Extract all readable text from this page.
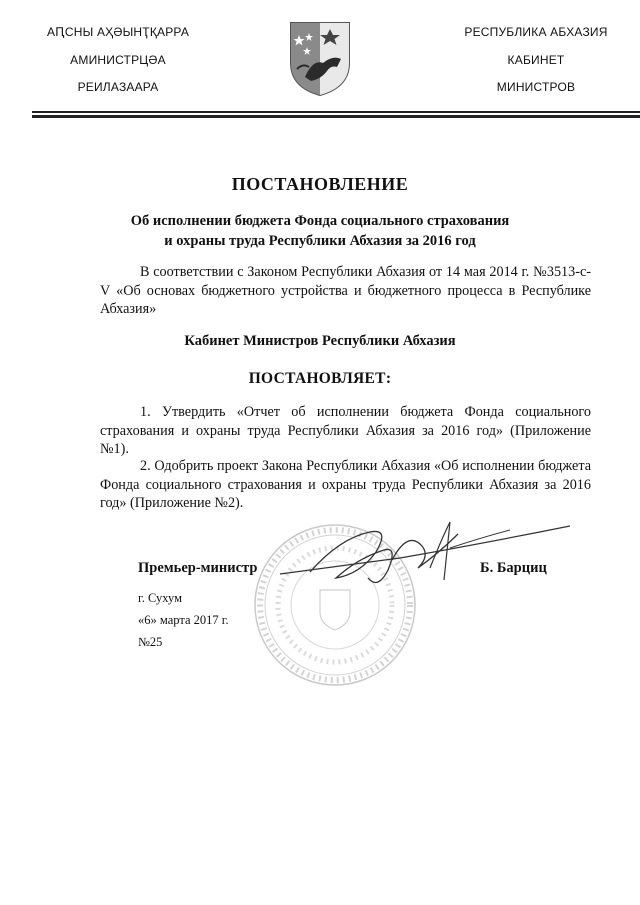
АԤСНЫ АҲӘЫНҬҚАРРА
АМИНИСТРЦӘА
РЕИЛАЗААРА
РЕСПУБЛИКА АБХАЗИЯ
КАБИНЕТ
МИНИСТРОВ
ПОСТАНОВЛЕНИЕ
Об исполнении бюджета Фонда социального страхования
и охраны труда Республики Абхазия за 2016 год
В соответствии с Законом Республики Абхазия от 14 мая 2014 г. №3513-с-V «Об основах бюджетного устройства и бюджетного процесса в Республике Абхазия»
Кабинет Министров Республики Абхазия
ПОСТАНОВЛЯЕТ:
1. Утвердить «Отчет об исполнении бюджета Фонда социального страхования и охраны труда Республики Абхазия за 2016 год» (Приложение №1).
2. Одобрить проект Закона Республики Абхазия «Об исполнении бюджета Фонда социального страхования и охраны труда Республики Абхазия за 2016 год» (Приложение №2).
Премьер-министр	Б. Барциц
г. Сухум
«6» марта 2017 г.
№25
